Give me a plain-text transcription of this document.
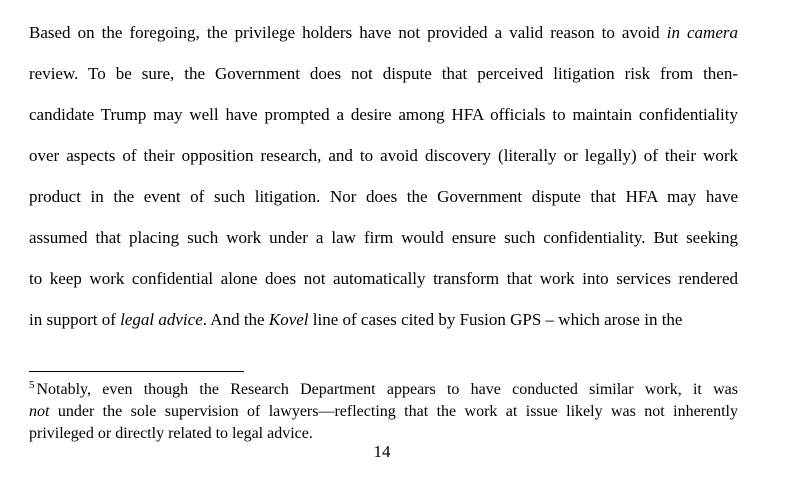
Based on the foregoing, the privilege holders have not provided a valid reason to avoid in camera
review. To be sure, the Government does not dispute that perceived litigation risk from then-
candidate Trump may well have prompted a desire among HFA officials to maintain confidentiality
over aspects of their opposition research, and to avoid discovery (literally or legally) of their work
product in the event of such litigation. Nor does the Government dispute that HFA may have
assumed that placing such work under a law firm would ensure such confidentiality. But seeking
to keep work confidential alone does not automatically transform that work into services rendered
in support of legal advice. And the Kovel line of cases cited by Fusion GPS – which arose in the
$^5$ Notably, even though the Research Department appears to have conducted similar work, it was
not under the sole supervision of lawyers—reflecting that the work at issue likely was not inherently
privileged or directly related to legal advice.
14
